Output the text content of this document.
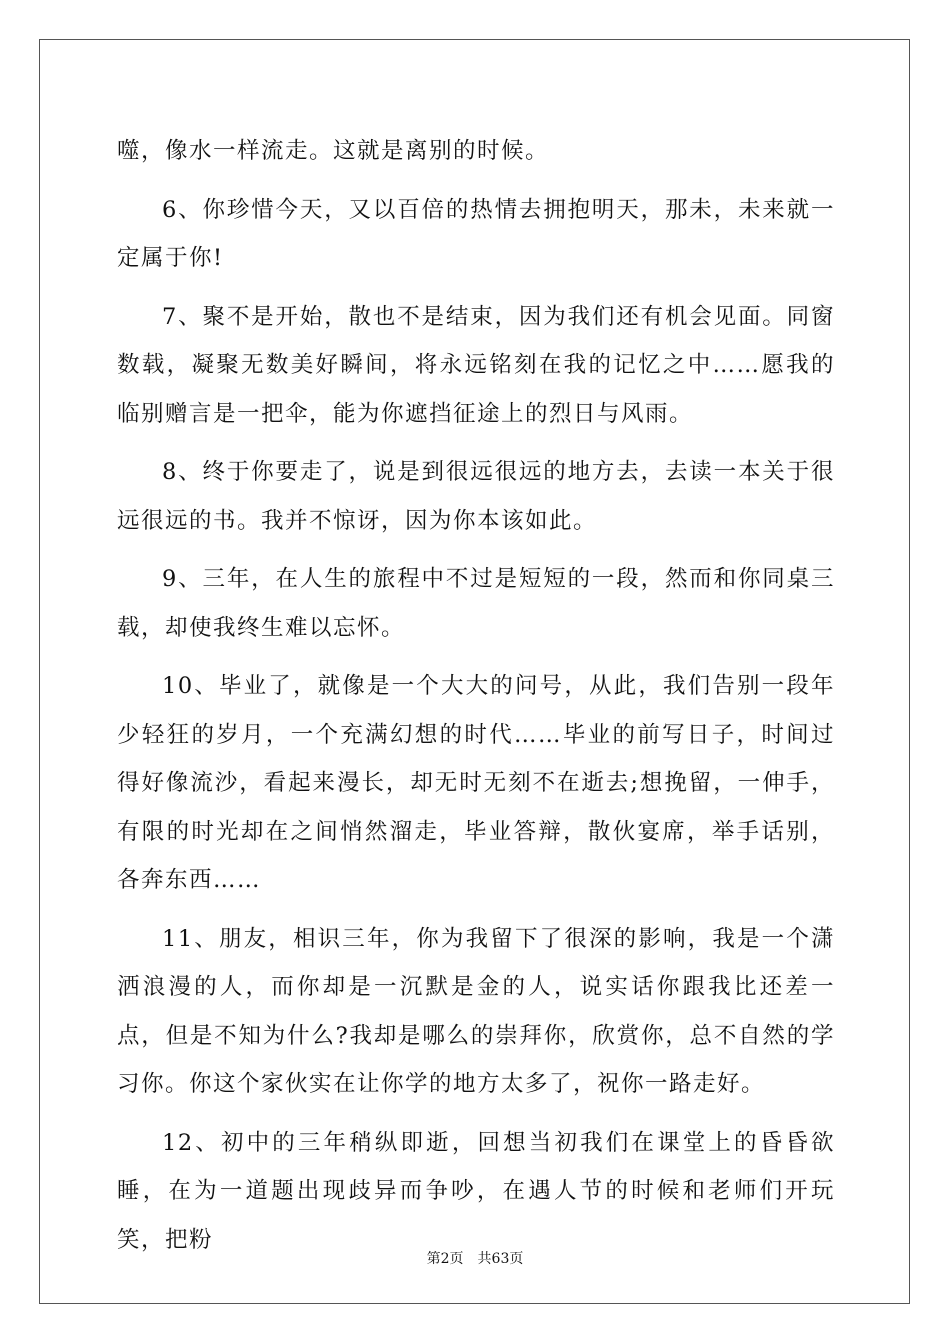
噬，像水一样流走。这就是离别的时候。

6、你珍惜今天，又以百倍的热情去拥抱明天，那未，未来就一定属于你!

7、聚不是开始，散也不是结束，因为我们还有机会见面。同窗数载，凝聚无数美好瞬间，将永远铭刻在我的记忆之中……愿我的临别赠言是一把伞，能为你遮挡征途上的烈日与风雨。

8、终于你要走了，说是到很远很远的地方去，去读一本关于很远很远的书。我并不惊讶，因为你本该如此。

9、三年，在人生的旅程中不过是短短的一段，然而和你同桌三载，却使我终生难以忘怀。

10、毕业了，就像是一个大大的问号，从此，我们告别一段年少轻狂的岁月，一个充满幻想的时代……毕业的前写日子，时间过得好像流沙，看起来漫长，却无时无刻不在逝去;想挽留，一伸手，有限的时光却在之间悄然溜走，毕业答辩，散伙宴席，举手话别，各奔东西……

11、朋友，相识三年，你为我留下了很深的影响，我是一个潇洒浪漫的人，而你却是一沉默是金的人，说实话你跟我比还差一点，但是不知为什么?我却是哪么的崇拜你，欣赏你，总不自然的学习你。你这个家伙实在让你学的地方太多了，祝你一路走好。

12、初中的三年稍纵即逝，回想当初我们在课堂上的昏昏欲睡，在为一道题出现歧异而争吵，在遇人节的时候和老师们开玩笑，把粉

第2页 共63页
